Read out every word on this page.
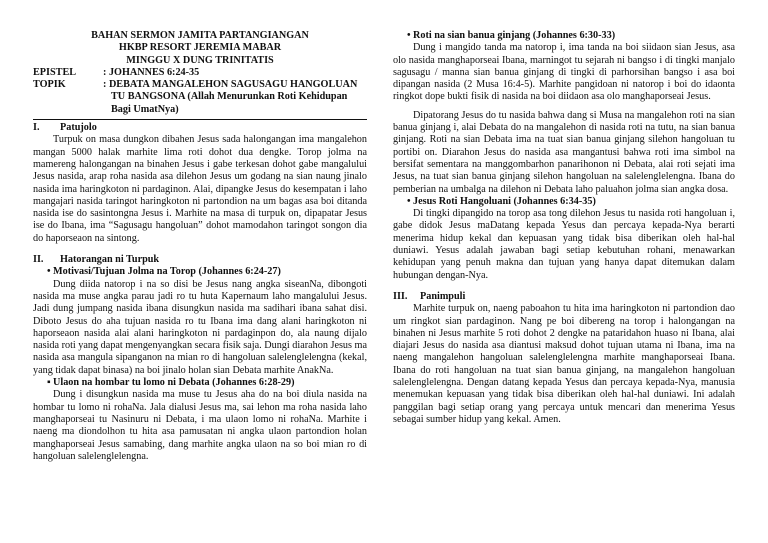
BAHAN SERMON JAMITA PARTANGIANGAN
HKBP RESORT JEREMIA MABAR
MINGGU X DUNG TRINITATIS
EPISTEL	: JOHANNES 6:24-35
TOPIK	: DEBATA MANGALEHON SAGUSAGU HANGOLUAN TU BANGSONA (Allah Menurunkan Roti Kehidupan Bagi UmatNya)
I. Patujolo

Turpuk on masa dungkon dibahen Jesus sada halongangan ima mangalehon mangan 5000 halak marhite lima roti dohot dua dengke. Torop jolma na mamereng halongangan na binahen Jesus i gabe terkesan dohot gabe mangalului Jesus nasida, arap roha nasida asa dilehon Jesus um godang na sian naung jinalo nasida ima haringkoton ni pardaginon. Alai, dipangke Jesus do kesempatan i laho mangajari nasida taringot haringkoton ni partondion na um bagas asa boi ditanda nasida ise do sasintongna Jesus i. Marhite na masa di turpuk on, dipapatar Jesus ise do Ibana, ima “Sagusagu hangoluan” dohot mamodahon taringot songon dia do haporseaon na sintong.

II. Hatorangan ni Turpuk
• Motivasi/Tujuan Jolma na Torop (Johannes 6:24-27)

Dung diida natorop i na so disi be Jesus nang angka siseanNa, dibongoti nasida ma muse angka parau jadi ro tu huta Kapernaum laho mangalului Jesus. Jadi dung jumpang nasida ibana disungkun nasida ma sadihari ibana sahat disi. Diboto Jesus do aha tujuan nasida ro tu Ibana ima dang alani haringkoton ni haporseaon nasida alai alani haringkoton ni pardaginpon do, ala naung dijalo nasida roti yang dapat mengenyangkan secara fisik saja. Dungi diarahon Jesus ma nasida asa mangula sipanganon na mian ro di hangoluan salelenglelengna (kekal, yang tidak dapat binasa) na boi jinalo holan sian Debata marhite AnakNa.

▪ Ulaon na hombar tu lomo ni Debata (Johannes 6:28-29)

Dung i disungkun nasida ma muse tu Jesus aha do na boi diula nasida na hombar tu lomo ni rohaNa. Jala dialusi Jesus ma, sai lehon ma roha nasida laho manghaporseai tu Nasinuru ni Debata, i ma ulaon lomo ni rohaNa. Marhite i naeng ma diondolhon tu hita asa pamusatan ni angka ulaon partondion holan manghaporseai Jesus samabing, dang marhite angka ulaon na so boi mian ro di hangoluan salelenglelengna.

• Roti na sian banua ginjang (Johannes 6:30-33)

Dung i mangido tanda ma natorop i, ima tanda na boi siidaon sian Jesus, asa olo nasida manghaporseai Ibana, marningot tu sejarah ni bangso i di tingki manjalo sagusagu / manna sian banua ginjang di tingki di parhorsihan bangso i asa boi dipangan nasida (2 Musa 16:4-5). Marhite pangidoan ni natorop i boi do idaonta ringkot dope bukti fisik di nasida na boi diidaon asa olo manghaporseai Jesus.

Dipatorang Jesus do tu nasida bahwa dang si Musa na mangalehon roti na sian banua ginjang i, alai Debata do na mangalehon di nasida roti na tutu, na sian banua ginjang. Roti na sian Debata ima na tuat sian banua ginjang silehon hangoluan tu portibi on. Diarahon Jesus do nasida asa mangantusi bahwa roti ima simbol na bersifat sementara na manggombarhon panarihonon ni Debata, alai roti sejati ima Jesus, na tuat sian banua ginjang silehon hangoluan na salelenglelengna. Ibana do pemberian na umbalga na dilehon ni Debata laho paluahon jolma sian angka dosa.

• Jesus Roti Hangoluani (Johannes 6:34-35)

Di tingki dipangido na torop asa tong dilehon Jesus tu nasida roti hangoluan i, gabe didok Jesus maDatang kepada Yesus dan percaya kepada-Nya berarti menerima hidup kekal dan kepuasan yang tidak bisa diberikan oleh hal-hal duniawi. Yesus adalah jawaban bagi setiap kebutuhan rohani, menawarkan kehidupan yang penuh makna dan tujuan yang hanya dapat ditemukan dalam hubungan dengan-Nya.

III. Panimpuli

Marhite turpuk on, naeng paboahon tu hita ima haringkoton ni partondion dao um ringkot sian pardaginon. Nang pe boi dibereng na torop i halongangan na binahen ni Jesus marhite 5 roti dohot 2 dengke na pataridahon huaso ni Ibana, alai diajari Jesus do nasida asa diantusi maksud dohot tujuan utama ni Ibana, ima na naeng mangalehon hangoluan salelenglelengna marhite manghaporseai Ibana. Ibana do roti hangoluan na tuat sian banua ginjang, na mangalehon hangoluan salelenglelengna. Dengan datang kepada Yesus dan percaya kepada-Nya, manusia menemukan kepuasan yang tidak bisa diberikan oleh hal-hal duniawi. Ini adalah panggilan bagi setiap orang yang percaya untuk mencari dan menerima Yesus sebagai sumber hidup yang kekal. Amen.
